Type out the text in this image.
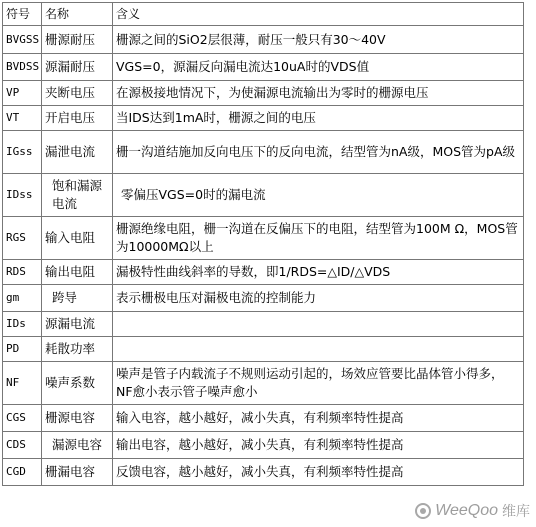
符号	名称	含义
BVGSS	栅源耐压	栅源之间的SiO2层很薄，耐压一般只有30～40V
BVDSS	源漏耐压	VGS=0，源漏反向漏电流达10uA时的VDS值
VP	夹断电压	在源极接地情况下，为使漏源电流输出为零时的栅源电压
VT	开启电压	当IDS达到1mA时，栅源之间的电压
IGss	漏泄电流	栅一沟道结施加反向电压下的反向电流，结型管为nA级，MOS管为pA级
IDss	饱和漏源电流	零偏压VGS=0时的漏电流
RGS	输入电阻	栅源绝缘电阻，栅一沟道在反偏压下的电阻，结型管为100M Ω，MOS管为10000MΩ以上
RDS	输出电阻	漏极特性曲线斜率的导数，即1/RDS=△ID/△VDS
gm	跨导	表示栅极电压对漏极电流的控制能力
IDs	源漏电流	
PD	耗散功率	
NF	噪声系数	噪声是管子内载流子不规则运动引起的，场效应管要比晶体管小得多，NF愈小表示管子噪声愈小
CGS	栅源电容	输入电容，越小越好，减小失真，有利频率特性提高
CDS	漏源电容	输出电容，越小越好，减小失真，有利频率特性提高
CGD	栅漏电容	反馈电容，越小越好，减小失真，有利频率特性提高
WeeQoo 维库
